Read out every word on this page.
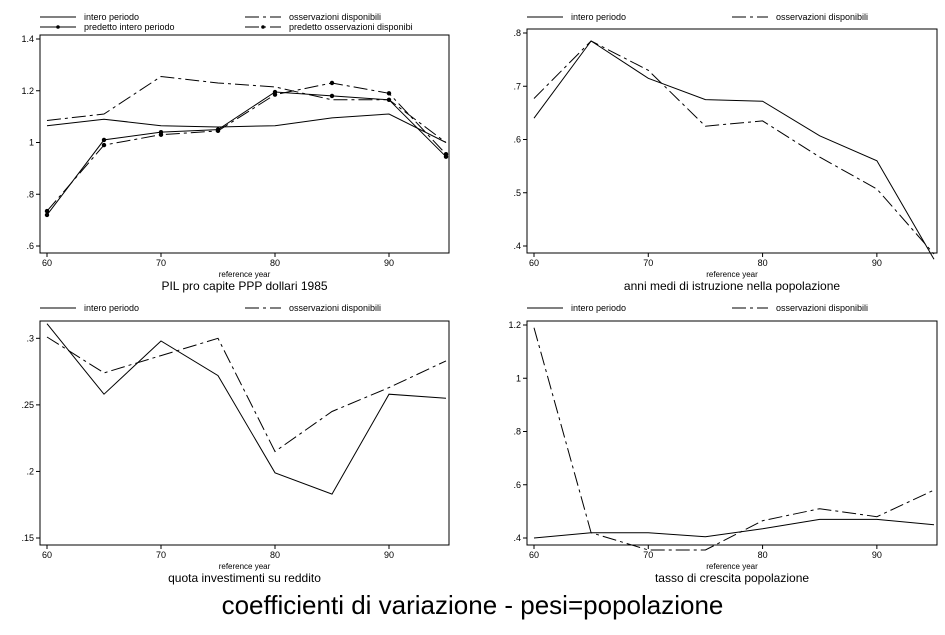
.6
.8
1
1.2
1.4
60	70	80	90
reference year
PIL pro capite PPP dollari 1985
intero periodo	osservazioni disponibili
predetto intero periodo	predetto osservazioni disponibi
.4
.5
.6
.7
.8
60	70	80	90
reference year
anni medi di istruzione nella popolazione
intero periodo	osservazioni disponibili
.15
.2
.25
.3
60	70	80	90
reference year
quota investimenti su reddito
intero periodo	osservazioni disponibili
.4
.6
.8
1
1.2
60	70	80	90
reference year
tasso di crescita popolazione
intero periodo	osservazioni disponibili
coefficienti di variazione - pesi=popolazione
